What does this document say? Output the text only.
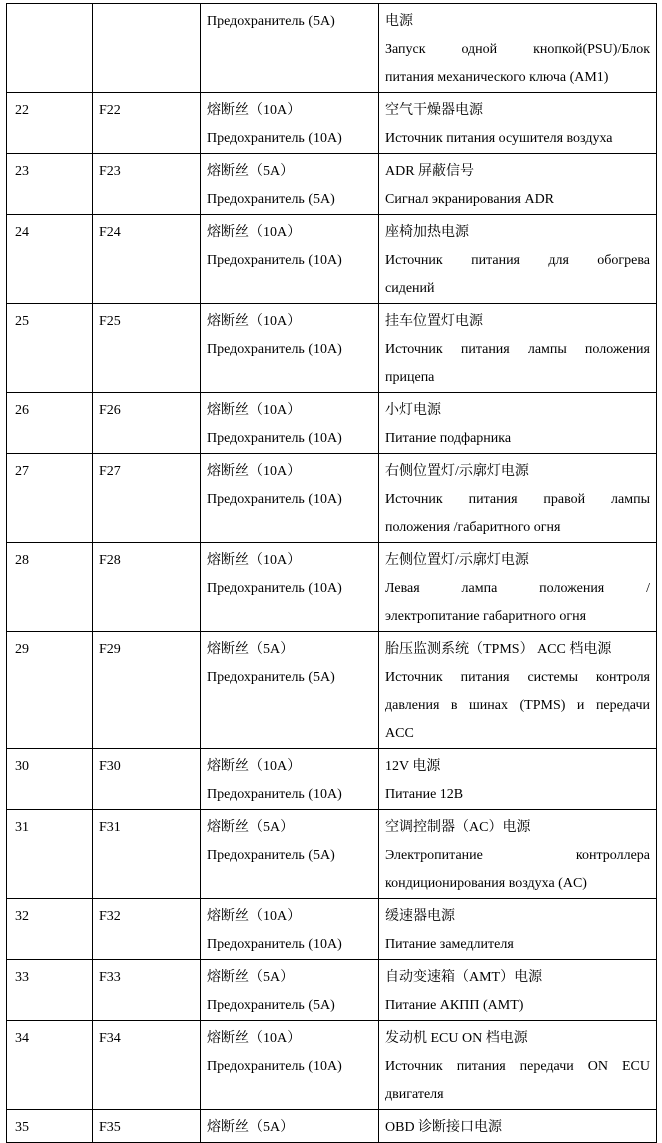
		Предохранитель (5A)	电源
Запуск одной кнопкой(PSU)/Блок
питания механического ключа (AM1)

22	F22	熔断丝（10A）
Предохранитель (10A)	空气干燥器电源
Источник питания осушителя воздуха

23	F23	熔断丝（5A）
Предохранитель (5A)	ADR 屏蔽信号
Сигнал экранирования ADR

24	F24	熔断丝（10A）
Предохранитель (10A)	座椅加热电源
Источник питания для обогрева
сидений

25	F25	熔断丝（10A）
Предохранитель (10A)	挂车位置灯电源
Источник питания лампы положения
прицепа

26	F26	熔断丝（10A）
Предохранитель (10A)	小灯电源
Питание подфарника

27	F27	熔断丝（10A）
Предохранитель (10A)	右侧位置灯/示廓灯电源
Источник питания правой лампы
положения /габаритного огня

28	F28	熔断丝（10A）
Предохранитель (10A)	左侧位置灯/示廓灯电源
Левая лампа положения /
электропитание габаритного огня

29	F29	熔断丝（5A）
Предохранитель (5A)	胎压监测系统（TPMS） ACC 档电源
Источник питания системы контроля
давления в шинах (TPMS) и передачи
ACC

30	F30	熔断丝（10A）
Предохранитель (10A)	12V 电源
Питание 12В

31	F31	熔断丝（5A）
Предохранитель (5A)	空调控制器（AC）电源
Электропитание контроллера
кондиционирования воздуха (AC)

32	F32	熔断丝（10A）
Предохранитель (10A)	缓速器电源
Питание замедлителя

33	F33	熔断丝（5A）
Предохранитель (5A)	自动变速箱（AMT）电源
Питание АКПП (AMT)

34	F34	熔断丝（10A）
Предохранитель (10A)	发动机 ECU ON 档电源
Источник питания передачи ON ECU
двигателя

35	F35	熔断丝（5A）	OBD 诊断接口电源
